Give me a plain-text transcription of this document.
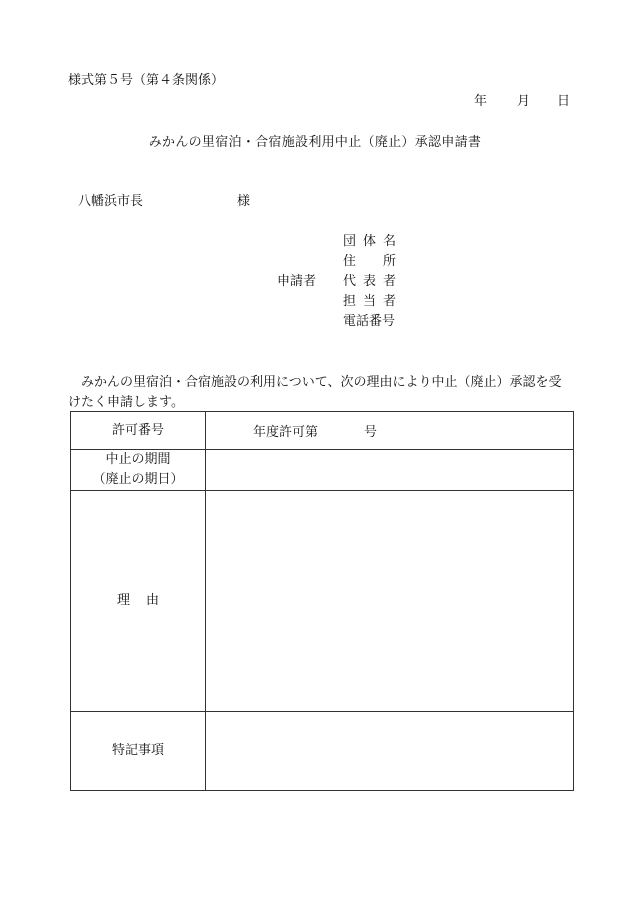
様式第５号（第４条関係）
年 月 日
みかんの里宿泊・合宿施設利用中止（廃止）承認申請書
八幡浜市長	様
申請者
団 体 名
住 所
代 表 者
担 当 者
電話番号
みかんの里宿泊・合宿施設の利用について、次の理由により中止（廃止）承認を受けたく申請します。
許可番号	年度許可第 号

中止の期間
（廃止の期日）	

理 由	

特記事項	
